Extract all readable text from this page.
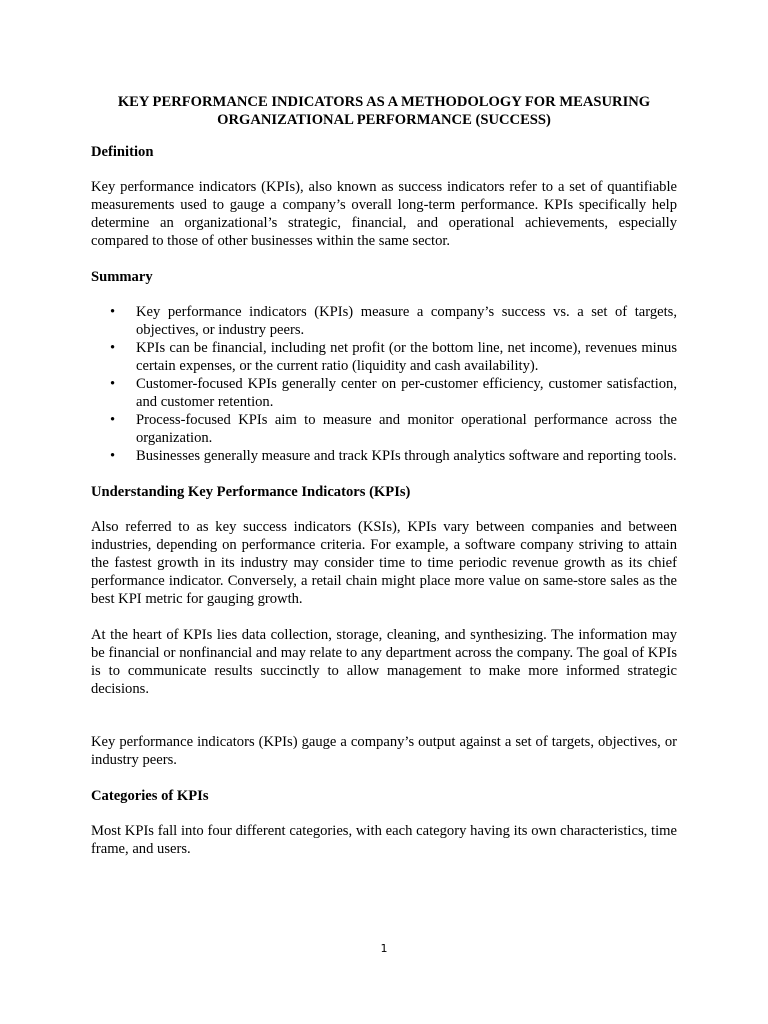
KEY PERFORMANCE INDICATORS AS A METHODOLOGY FOR MEASURING ORGANIZATIONAL PERFORMANCE (SUCCESS)
Definition
Key performance indicators (KPIs), also known as success indicators refer to a set of quantifiable measurements used to gauge a company’s overall long-term performance. KPIs specifically help determine an organizational’s strategic, financial, and operational achievements, especially compared to those of other businesses within the same sector.
Summary
• Key performance indicators (KPIs) measure a company’s success vs. a set of targets, objectives, or industry peers.
• KPIs can be financial, including net profit (or the bottom line, net income), revenues minus certain expenses, or the current ratio (liquidity and cash availability).
• Customer-focused KPIs generally center on per-customer efficiency, customer satisfaction, and customer retention.
• Process-focused KPIs aim to measure and monitor operational performance across the organization.
• Businesses generally measure and track KPIs through analytics software and reporting tools.
Understanding Key Performance Indicators (KPIs)
Also referred to as key success indicators (KSIs), KPIs vary between companies and between industries, depending on performance criteria. For example, a software company striving to attain the fastest growth in its industry may consider time to time periodic revenue growth as its chief performance indicator. Conversely, a retail chain might place more value on same-store sales as the best KPI metric for gauging growth.
At the heart of KPIs lies data collection, storage, cleaning, and synthesizing. The information may be financial or nonfinancial and may relate to any department across the company. The goal of KPIs is to communicate results succinctly to allow management to make more informed strategic decisions.
Key performance indicators (KPIs) gauge a company’s output against a set of targets, objectives, or industry peers.
Categories of KPIs
Most KPIs fall into four different categories, with each category having its own characteristics, time frame, and users.
1
